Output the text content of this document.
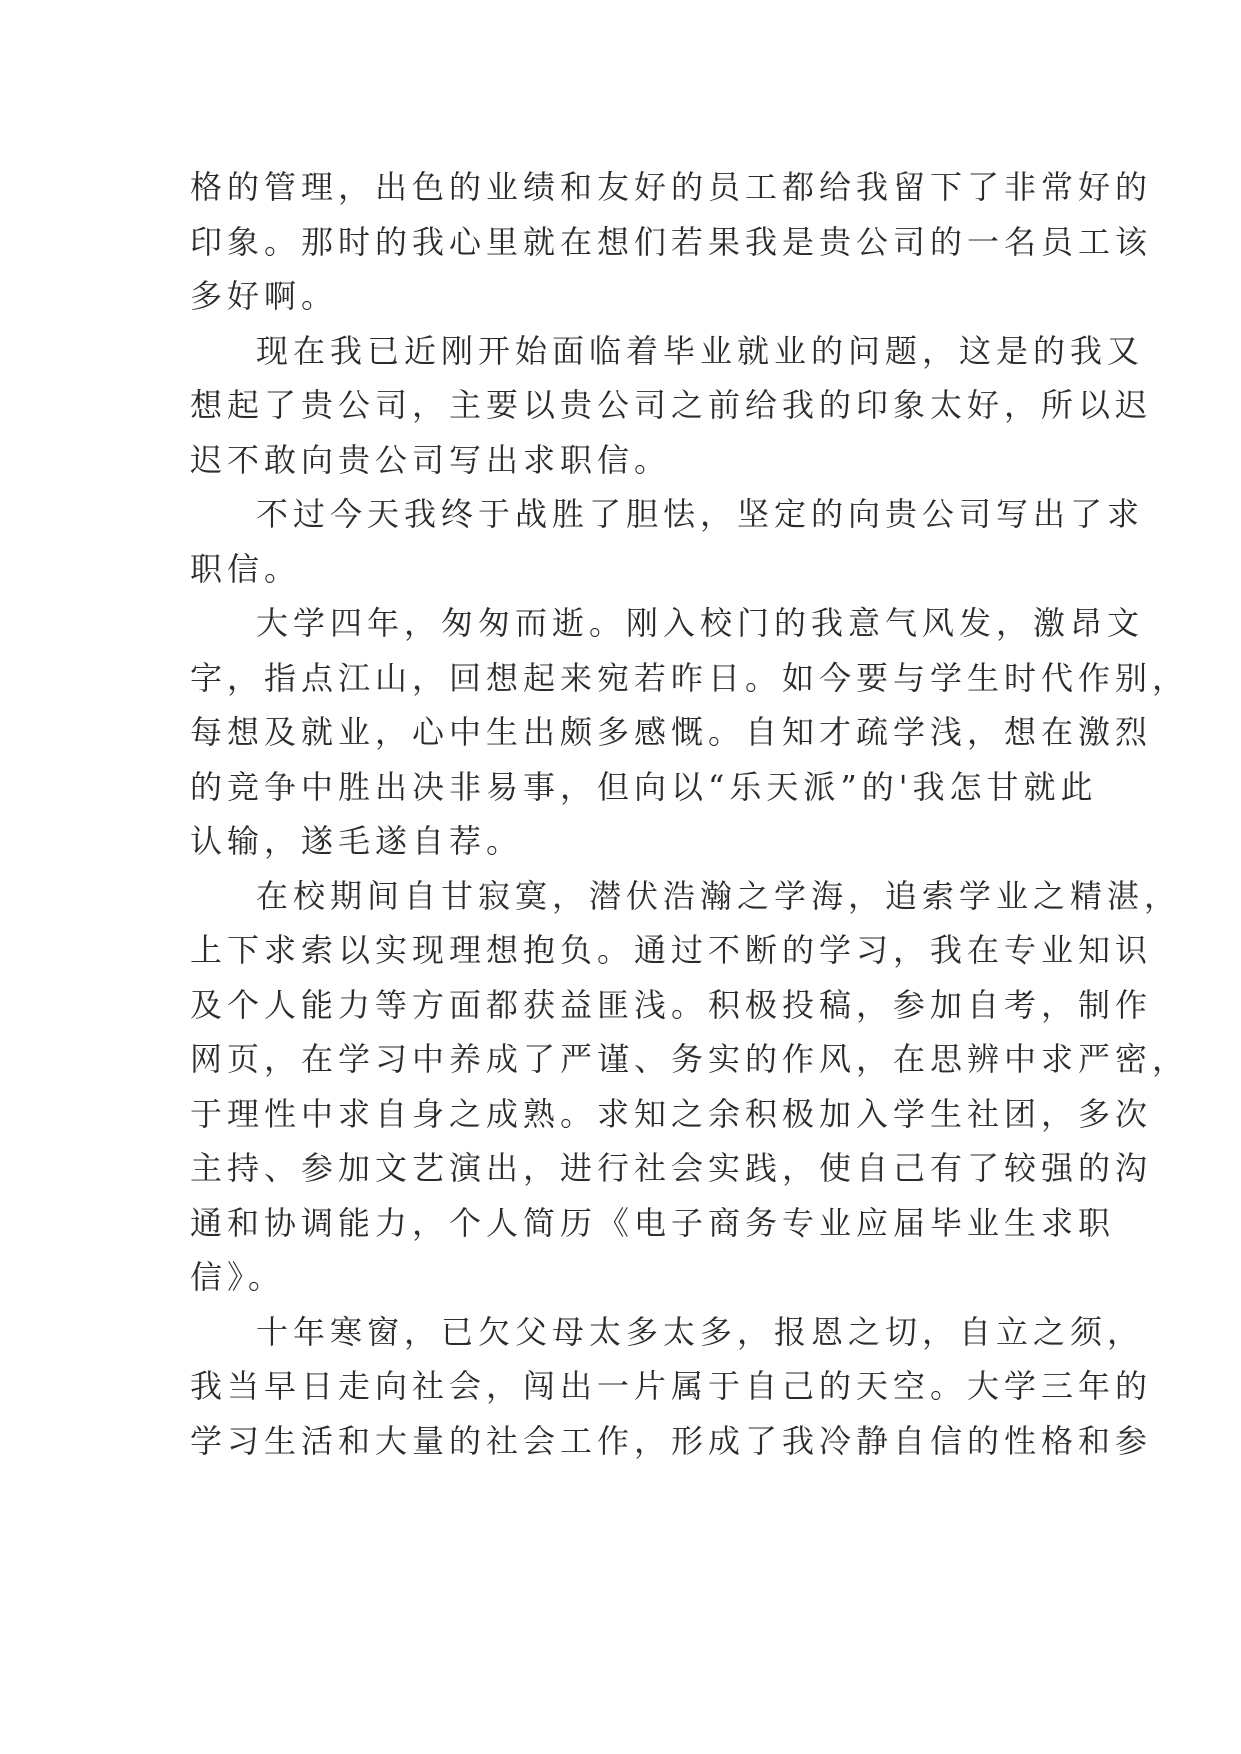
格的管理，出色的业绩和友好的员工都给我留下了非常好的
印象。那时的我心里就在想们若果我是贵公司的一名员工该
多好啊。
现在我已近刚开始面临着毕业就业的问题，这是的我又
想起了贵公司，主要以贵公司之前给我的印象太好，所以迟
迟不敢向贵公司写出求职信。
不过今天我终于战胜了胆怯，坚定的向贵公司写出了求
职信。
大学四年，匆匆而逝。刚入校门的我意气风发，激昂文
字，指点江山，回想起来宛若昨日。如今要与学生时代作别，
每想及就业，心中生出颇多感慨。自知才疏学浅，想在激烈
的竞争中胜出决非易事，但向以“乐天派”的'我怎甘就此
认输，遂毛遂自荐。
在校期间自甘寂寞，潜伏浩瀚之学海，追索学业之精湛，
上下求索以实现理想抱负。通过不断的学习，我在专业知识
及个人能力等方面都获益匪浅。积极投稿，参加自考，制作
网页，在学习中养成了严谨、务实的作风，在思辨中求严密，
于理性中求自身之成熟。求知之余积极加入学生社团，多次
主持、参加文艺演出，进行社会实践，使自己有了较强的沟
通和协调能力，个人简历《电子商务专业应届毕业生求职
信》。
十年寒窗，已欠父母太多太多，报恩之切，自立之须，
我当早日走向社会，闯出一片属于自己的天空。大学三年的
学习生活和大量的社会工作，形成了我冷静自信的性格和参
